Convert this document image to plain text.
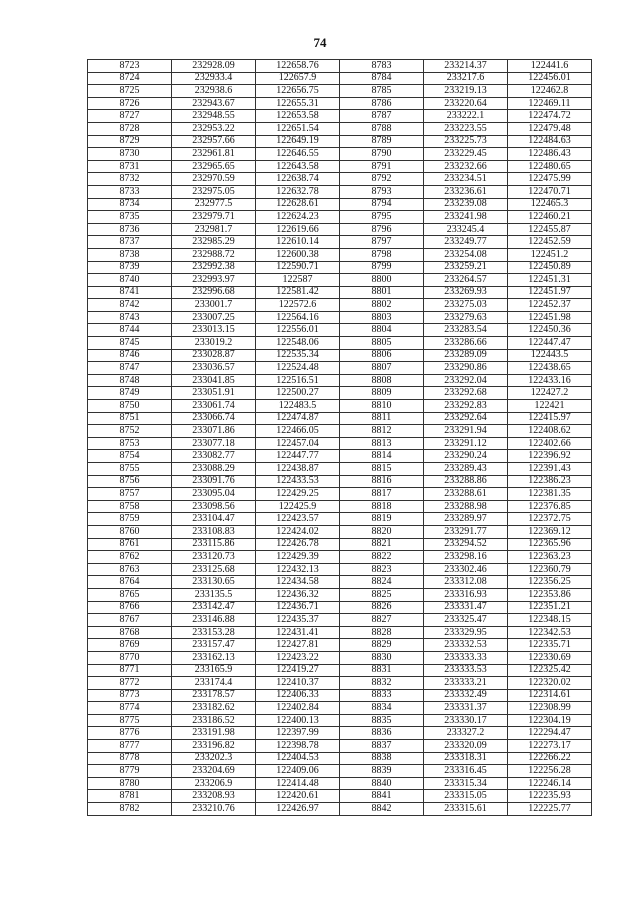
74
8723	232928.09	122658.76	8783	233214.37	122441.6
8724	232933.4	122657.9	8784	233217.6	122456.01
8725	232938.6	122656.75	8785	233219.13	122462.8
8726	232943.67	122655.31	8786	233220.64	122469.11
8727	232948.55	122653.58	8787	233222.1	122474.72
8728	232953.22	122651.54	8788	233223.55	122479.48
8729	232957.66	122649.19	8789	233225.73	122484.63
8730	232961.81	122646.55	8790	233229.45	122486.43
8731	232965.65	122643.58	8791	233232.66	122480.65
8732	232970.59	122638.74	8792	233234.51	122475.99
8733	232975.05	122632.78	8793	233236.61	122470.71
8734	232977.5	122628.61	8794	233239.08	122465.3
8735	232979.71	122624.23	8795	233241.98	122460.21
8736	232981.7	122619.66	8796	233245.4	122455.87
8737	232985.29	122610.14	8797	233249.77	122452.59
8738	232988.72	122600.38	8798	233254.08	122451.2
8739	232992.38	122590.71	8799	233259.21	122450.89
8740	232993.97	122587	8800	233264.57	122451.31
8741	232996.68	122581.42	8801	233269.93	122451.97
8742	233001.7	122572.6	8802	233275.03	122452.37
8743	233007.25	122564.16	8803	233279.63	122451.98
8744	233013.15	122556.01	8804	233283.54	122450.36
8745	233019.2	122548.06	8805	233286.66	122447.47
8746	233028.87	122535.34	8806	233289.09	122443.5
8747	233036.57	122524.48	8807	233290.86	122438.65
8748	233041.85	122516.51	8808	233292.04	122433.16
8749	233051.91	122500.27	8809	233292.68	122427.2
8750	233061.74	122483.5	8810	233292.83	122421
8751	233066.74	122474.87	8811	233292.64	122415.97
8752	233071.86	122466.05	8812	233291.94	122408.62
8753	233077.18	122457.04	8813	233291.12	122402.66
8754	233082.77	122447.77	8814	233290.24	122396.92
8755	233088.29	122438.87	8815	233289.43	122391.43
8756	233091.76	122433.53	8816	233288.86	122386.23
8757	233095.04	122429.25	8817	233288.61	122381.35
8758	233098.56	122425.9	8818	233288.98	122376.85
8759	233104.47	122423.57	8819	233289.97	122372.75
8760	233108.83	122424.02	8820	233291.77	122369.12
8761	233115.86	122426.78	8821	233294.52	122365.96
8762	233120.73	122429.39	8822	233298.16	122363.23
8763	233125.68	122432.13	8823	233302.46	122360.79
8764	233130.65	122434.58	8824	233312.08	122356.25
8765	233135.5	122436.32	8825	233316.93	122353.86
8766	233142.47	122436.71	8826	233331.47	122351.21
8767	233146.88	122435.37	8827	233325.47	122348.15
8768	233153.28	122431.41	8828	233329.95	122342.53
8769	233157.47	122427.81	8829	233332.53	122335.71
8770	233162.13	122423.22	8830	233333.33	122330.69
8771	233165.9	122419.27	8831	233333.53	122325.42
8772	233174.4	122410.37	8832	233333.21	122320.02
8773	233178.57	122406.33	8833	233332.49	122314.61
8774	233182.62	122402.84	8834	233331.37	122308.99
8775	233186.52	122400.13	8835	233330.17	122304.19
8776	233191.98	122397.99	8836	233327.2	122294.47
8777	233196.82	122398.78	8837	233320.09	122273.17
8778	233202.3	122404.53	8838	233318.31	122266.22
8779	233204.69	122409.06	8839	233316.45	122256.28
8780	233206.9	122414.48	8840	233315.34	122246.14
8781	233208.93	122420.61	8841	233315.05	122235.93
8782	233210.76	122426.97	8842	233315.61	122225.77
